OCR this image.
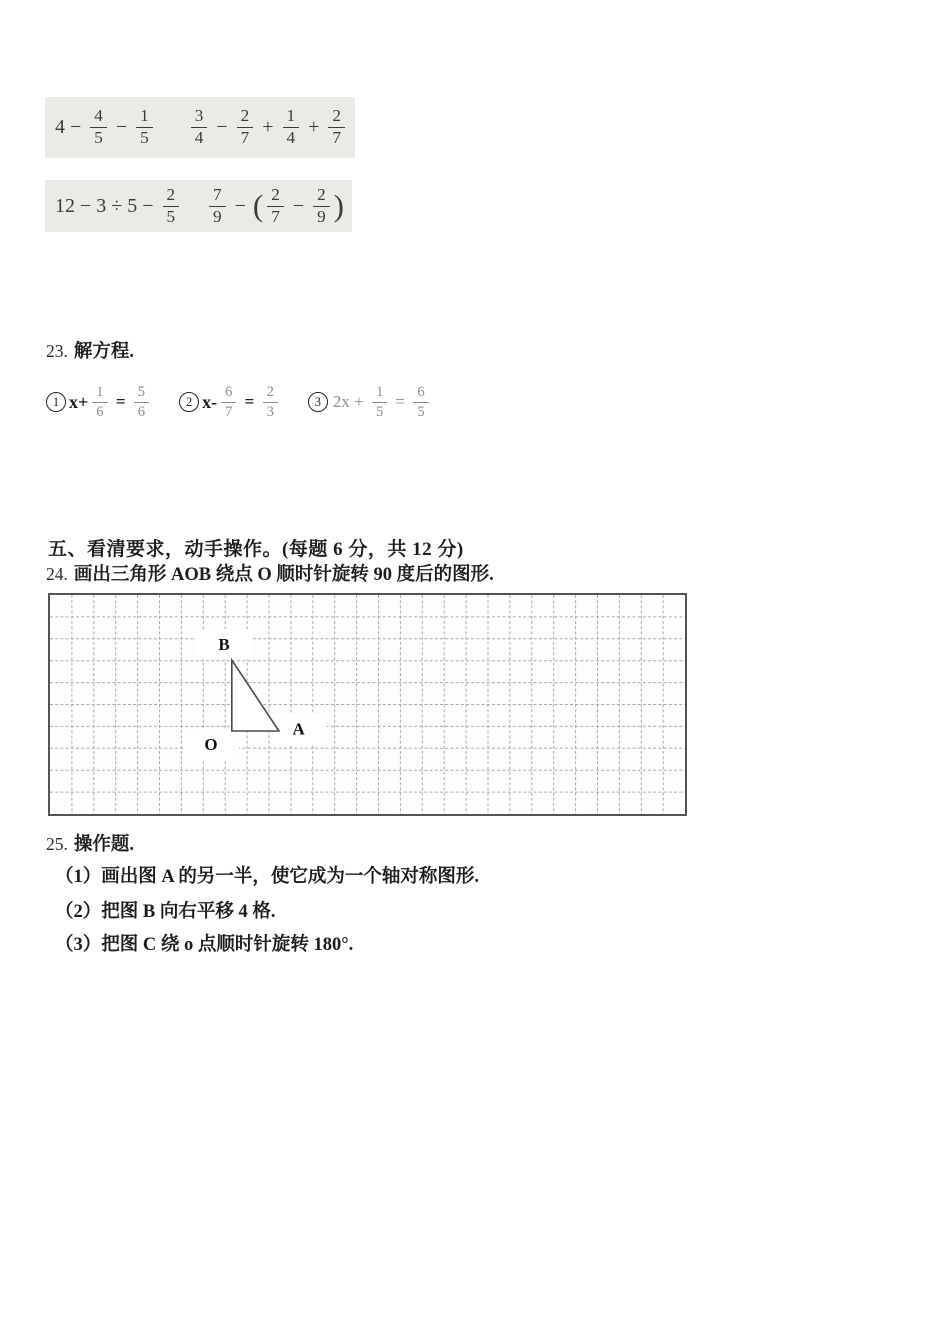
$4 - \frac{4}{5} - \frac{1}{5} \frac{3}{4} - \frac{2}{7} + \frac{1}{4} + \frac{2}{7}$
$12 - 3 \div 5 - \frac{2}{5} \frac{7}{9}$ − ( $\frac{2}{7} - \frac{2}{9}$ )
23. 解方程.
1 $x+ \frac{1}{6} = \frac{5}{6}$	2 $x- \frac{6}{7} = \frac{2}{3}$	3 $2x + \frac{1}{5} = \frac{6}{5}$
五、看清要求，动手操作。(每题 6 分，共 12 分)
24. 画出三角形 AOB 绕点 O 顺时针旋转 90 度后的图形.
B
O
A
25. 操作题.
（1）画出图 A 的另一半，使它成为一个轴对称图形.
（2）把图 B 向右平移 4 格.
（3）把图 C 绕 o 点顺时针旋转 180°.
